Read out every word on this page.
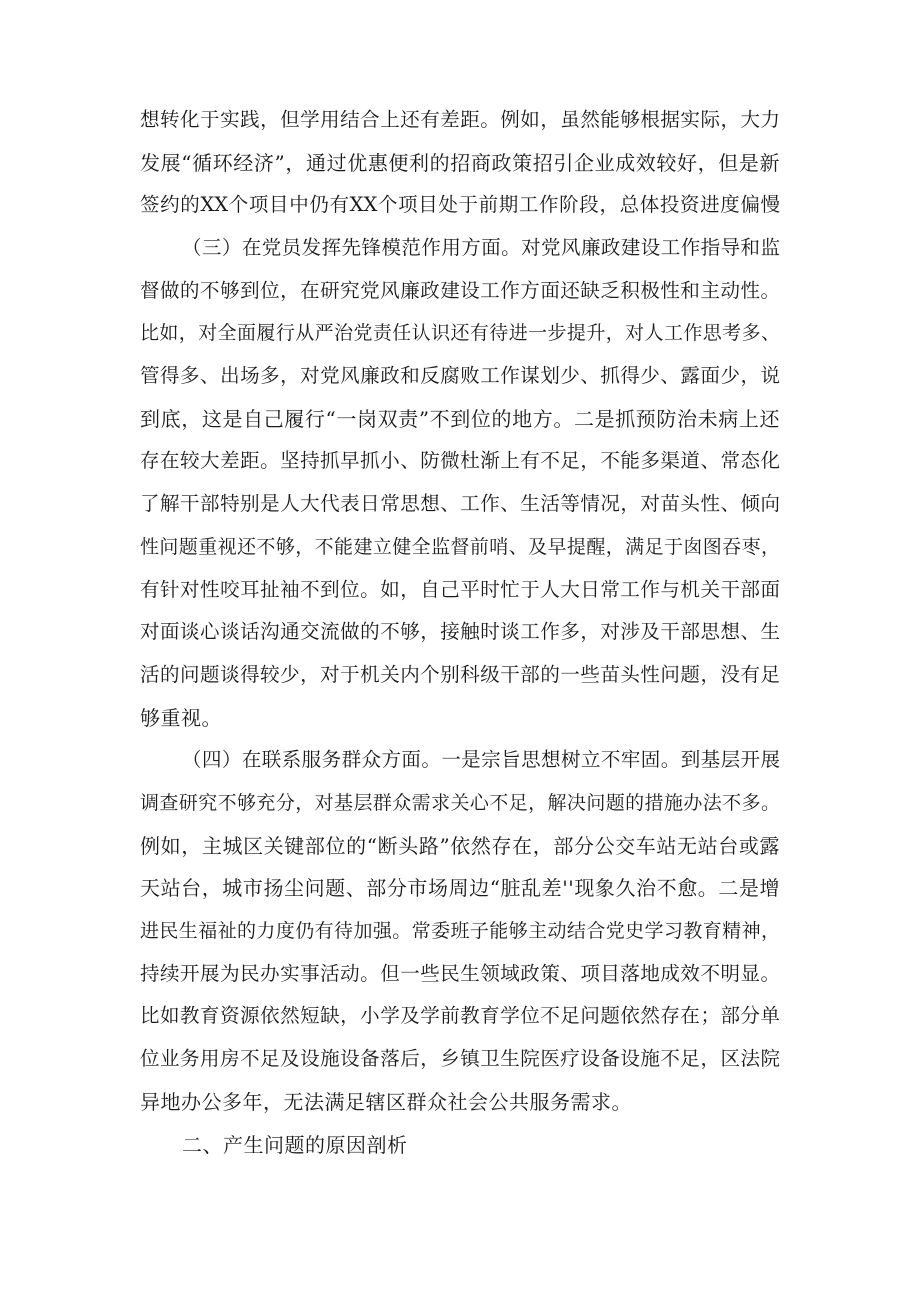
想转化于实践，但学用结合上还有差距。例如，虽然能够根据实际，大力
发展“循环经济”，通过优惠便利的招商政策招引企业成效较好，但是新
签约的XX个项目中仍有XX个项目处于前期工作阶段，总体投资进度偏慢
（三）在党员发挥先锋模范作用方面。对党风廉政建设工作指导和监
督做的不够到位，在研究党风廉政建设工作方面还缺乏积极性和主动性。
比如，对全面履行从严治党责任认识还有待进一步提升，对人工作思考多、
管得多、出场多，对党风廉政和反腐败工作谋划少、抓得少、露面少，说
到底，这是自己履行“一岗双责”不到位的地方。二是抓预防治未病上还
存在较大差距。坚持抓早抓小、防微杜渐上有不足，不能多渠道、常态化
了解干部特别是人大代表日常思想、工作、生活等情况，对苗头性、倾向
性问题重视还不够，不能建立健全监督前哨、及早提醒，满足于囱图吞枣，
有针对性咬耳扯袖不到位。如，自己平时忙于人大日常工作与机关干部面
对面谈心谈话沟通交流做的不够，接触时谈工作多，对涉及干部思想、生
活的问题谈得较少，对于机关内个别科级干部的一些苗头性问题，没有足
够重视。
（四）在联系服务群众方面。一是宗旨思想树立不牢固。到基层开展
调查研究不够充分，对基层群众需求关心不足，解决问题的措施办法不多。
例如，主城区关键部位的“断头路”依然存在，部分公交车站无站台或露
天站台，城市扬尘问题、部分市场周边“脏乱差''现象久治不愈。二是增
进民生福祉的力度仍有待加强。常委班子能够主动结合党史学习教育精神，
持续开展为民办实事活动。但一些民生领域政策、项目落地成效不明显。
比如教育资源依然短缺，小学及学前教育学位不足问题依然存在；部分单
位业务用房不足及设施设备落后，乡镇卫生院医疗设备设施不足，区法院
异地办公多年，无法满足辖区群众社会公共服务需求。
二、产生问题的原因剖析
